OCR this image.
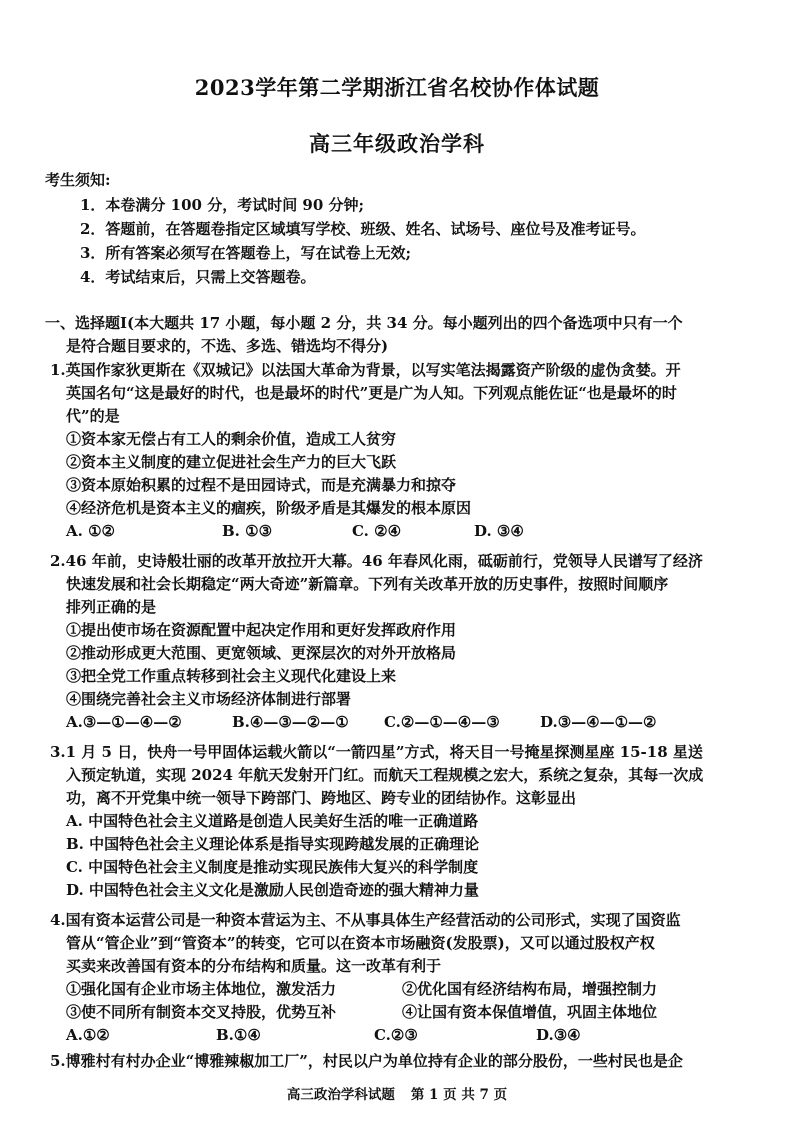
2023学年第二学期浙江省名校协作体试题
高三年级政治学科
考生须知:
1．本卷满分 100 分，考试时间 90 分钟;
2．答题前，在答题卷指定区域填写学校、班级、姓名、试场号、座位号及准考证号。
3．所有答案必须写在答题卷上，写在试卷上无效;
4．考试结束后，只需上交答题卷。
一、选择题Ⅰ(本大题共 17 小题，每小题 2 分，共 34 分。每小题列出的四个备选项中只有一个
是符合题目要求的，不选、多选、错选均不得分)
1.英国作家狄更斯在《双城记》以法国大革命为背景，以写实笔法揭露资产阶级的虚伪贪婪。开
英国名句“这是最好的时代，也是最坏的时代”更是广为人知。下列观点能佐证“也是最坏的时
代”的是
①资本家无偿占有工人的剩余价值，造成工人贫穷
②资本主义制度的建立促进社会生产力的巨大飞跃
③资本原始积累的过程不是田园诗式，而是充满暴力和掠夺
④经济危机是资本主义的痼疾，阶级矛盾是其爆发的根本原因
A. ①②	B. ①③	C. ②④	D. ③④
2.46 年前，史诗般壮丽的改革开放拉开大幕。46 年春风化雨，砥砺前行，党领导人民谱写了经济
快速发展和社会长期稳定“两大奇迹”新篇章。下列有关改革开放的历史事件，按照时间顺序
排列正确的是
①提出使市场在资源配置中起决定作用和更好发挥政府作用
②推动形成更大范围、更宽领域、更深层次的对外开放格局
③把全党工作重点转移到社会主义现代化建设上来
④围绕完善社会主义市场经济体制进行部署
A.③—①—④—②	B.④—③—②—① C.②—①—④—③	D.③—④—①—②
3.1 月 5 日，快舟一号甲固体运载火箭以“一箭四星”方式，将天目一号掩星探测星座 15-18 星送
入预定轨道，实现 2024 年航天发射开门红。而航天工程规模之宏大，系统之复杂，其每一次成
功，离不开党集中统一领导下跨部门、跨地区、跨专业的团结协作。这彰显出
A. 中国特色社会主义道路是创造人民美好生活的唯一正确道路
B. 中国特色社会主义理论体系是指导实现跨越发展的正确理论
C. 中国特色社会主义制度是推动实现民族伟大复兴的科学制度
D. 中国特色社会主义文化是激励人民创造奇迹的强大精神力量
4.国有资本运营公司是一种资本营运为主、不从事具体生产经营活动的公司形式，实现了国资监
管从“管企业”到“管资本”的转变，它可以在资本市场融资(发股票)，又可以通过股权产权
买卖来改善国有资本的分布结构和质量。这一改革有利于
①强化国有企业市场主体地位，激发活力	②优化国有经济结构布局，增强控制力
③使不同所有制资本交叉持股，优势互补	④让国有资本保值增值，巩固主体地位
A.①②	B.①④	C.②③	D.③④
5.博雅村有村办企业“博雅辣椒加工厂”，村民以户为单位持有企业的部分股份，一些村民也是企
高三政治学科试题 第 1 页 共 7 页
